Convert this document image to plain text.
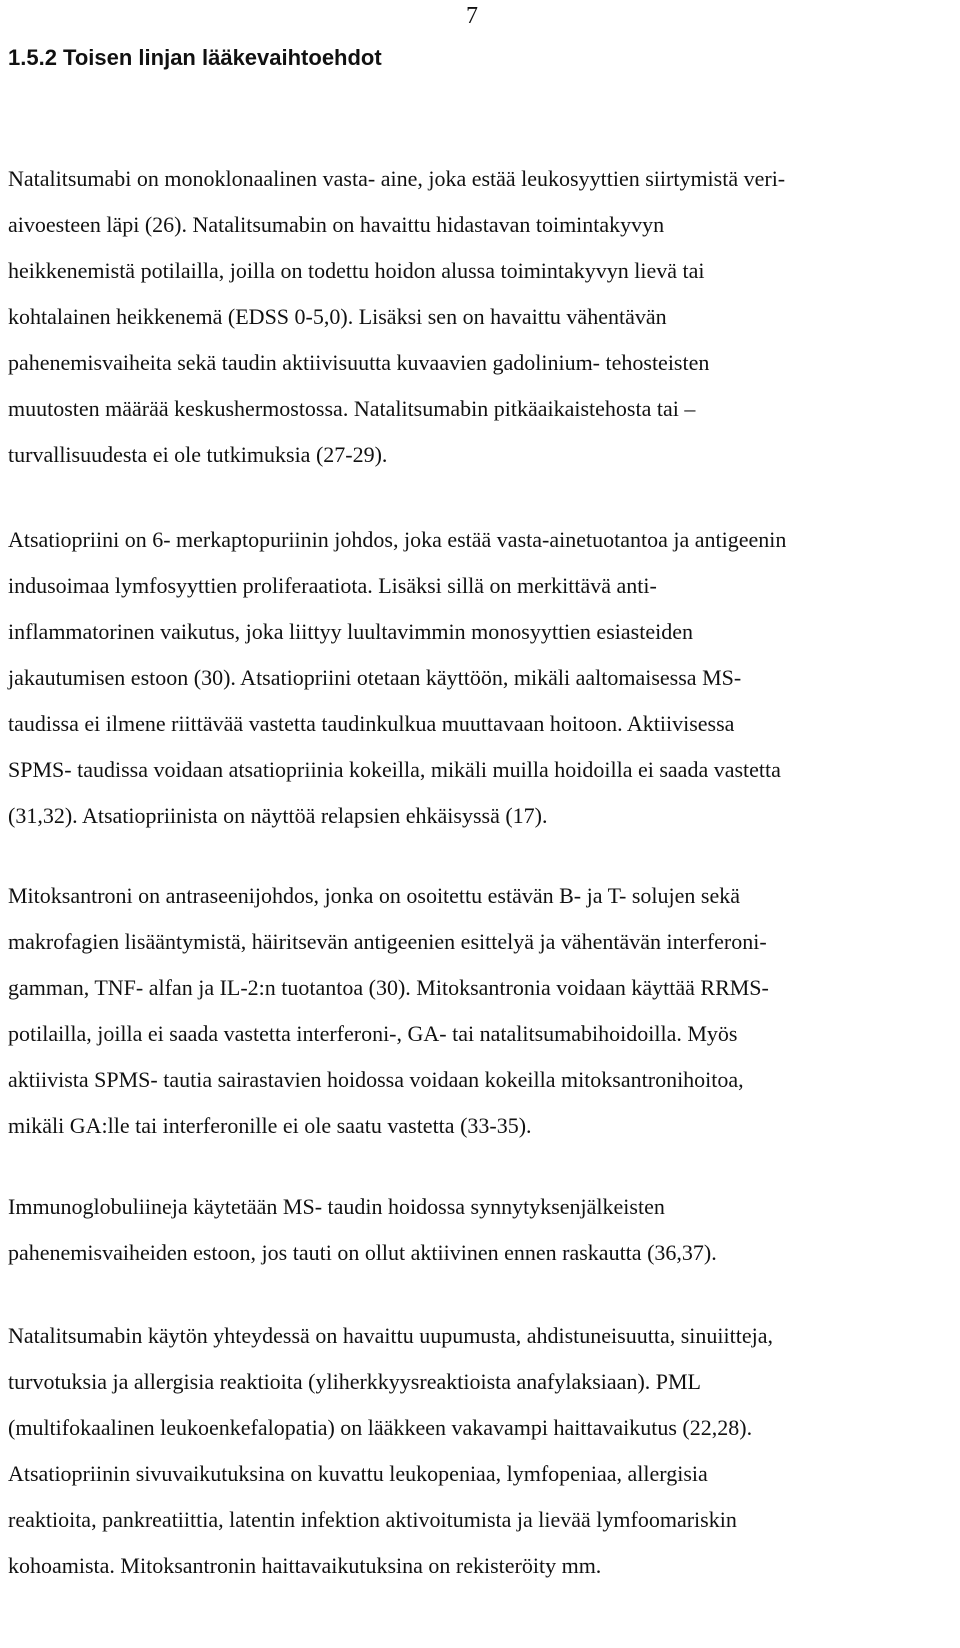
7
1.5.2 Toisen linjan lääkevaihtoehdot
Natalitsumabi on monoklonaalinen vasta- aine, joka estää leukosyyttien siirtymistä veri-
aivoesteen läpi (26). Natalitsumabin on havaittu hidastavan toimintakyvyn
heikkenemistä potilailla, joilla on todettu hoidon alussa toimintakyvyn lievä tai
kohtalainen heikkenemä (EDSS 0-5,0). Lisäksi sen on havaittu vähentävän
pahenemisvaiheita sekä taudin aktiivisuutta kuvaavien gadolinium- tehosteisten
muutosten määrää keskushermostossa. Natalitsumabin pitkäaikaistehosta tai –
turvallisuudesta ei ole tutkimuksia (27-29).
Atsatiopriini on 6- merkaptopuriinin johdos, joka estää vasta-ainetuotantoa ja antigeenin
indusoimaa lymfosyyttien proliferaatiota. Lisäksi sillä on merkittävä anti-
inflammatorinen vaikutus, joka liittyy luultavimmin monosyyttien esiasteiden
jakautumisen estoon (30). Atsatiopriini otetaan käyttöön, mikäli aaltomaisessa MS-
taudissa ei ilmene riittävää vastetta taudinkulkua muuttavaan hoitoon. Aktiivisessa
SPMS- taudissa voidaan atsatiopriinia kokeilla, mikäli muilla hoidoilla ei saada vastetta
(31,32). Atsatiopriinista on näyttöä relapsien ehkäisyssä (17).
Mitoksantroni on antraseenijohdos, jonka on osoitettu estävän B- ja T- solujen sekä
makrofagien lisääntymistä, häiritsevän antigeenien esittelyä ja vähentävän interferoni-
gamman, TNF- alfan ja IL-2:n tuotantoa (30). Mitoksantronia voidaan käyttää RRMS-
potilailla, joilla ei saada vastetta interferoni-, GA- tai natalitsumabihoidoilla. Myös
aktiivista SPMS- tautia sairastavien hoidossa voidaan kokeilla mitoksantronihoitoa,
mikäli GA:lle tai interferonille ei ole saatu vastetta (33-35).
Immunoglobuliineja käytetään MS- taudin hoidossa synnytyksenjälkeisten
pahenemisvaiheiden estoon, jos tauti on ollut aktiivinen ennen raskautta (36,37).
Natalitsumabin käytön yhteydessä on havaittu uupumusta, ahdistuneisuutta, sinuiitteja,
turvotuksia ja allergisia reaktioita (yliherkkyysreaktioista anafylaksiaan). PML
(multifokaalinen leukoenkefalopatia) on lääkkeen vakavampi haittavaikutus (22,28).
Atsatiopriinin sivuvaikutuksina on kuvattu leukopeniaa, lymfopeniaa, allergisia
reaktioita, pankreatiittia, latentin infektion aktivoitumista ja lievää lymfoomariskin
kohoamista. Mitoksantronin haittavaikutuksina on rekisteröity mm.
